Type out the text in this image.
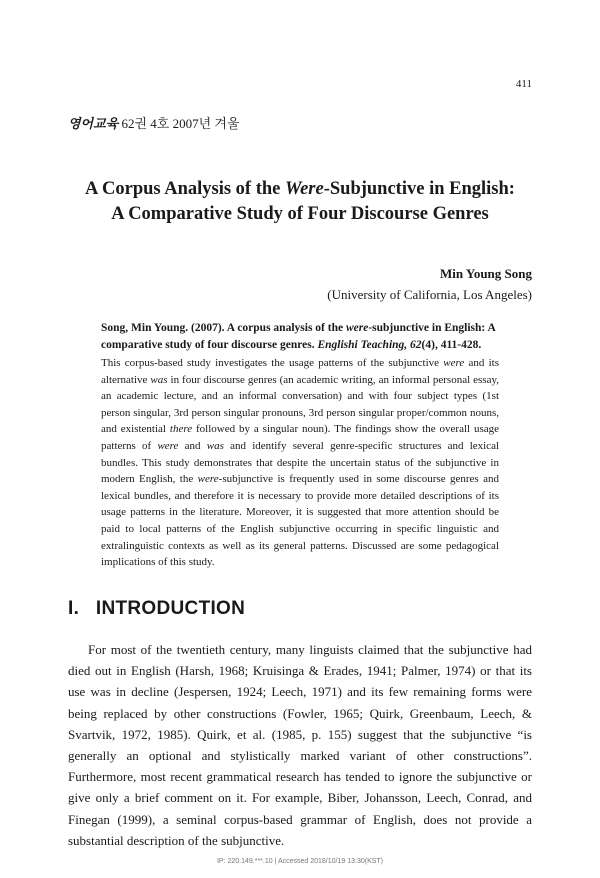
411
영어교육 62권 4호 2007년 겨울
A Corpus Analysis of the Were-Subjunctive in English:
A Comparative Study of Four Discourse Genres
Min Young Song
(University of California, Los Angeles)
Song, Min Young. (2007). A corpus analysis of the were-subjunctive in English: A comparative study of four discourse genres. Englishi Teaching, 62(4), 411-428.

This corpus-based study investigates the usage patterns of the subjunctive were and its alternative was in four discourse genres (an academic writing, an informal personal essay, an academic lecture, and an informal conversation) and with four subject types (1st person singular, 3rd person singular pronouns, 3rd person singular proper/common nouns, and existential there followed by a singular noun). The findings show the overall usage patterns of were and was and identify several genre-specific structures and lexical bundles. This study demonstrates that despite the uncertain status of the subjunctive in modern English, the were-subjunctive is frequently used in some discourse genres and lexical bundles, and therefore it is necessary to provide more detailed descriptions of its usage patterns in the literature. Moreover, it is suggested that more attention should be paid to local patterns of the English subjunctive occurring in specific linguistic and extralinguistic contexts as well as its general patterns. Discussed are some pedagogical implications of this study.

I.   INTRODUCTION

For most of the twentieth century, many linguists claimed that the subjunctive had died out in English (Harsh, 1968; Kruisinga & Erades, 1941; Palmer, 1974) or that its use was in decline (Jespersen, 1924; Leech, 1971) and its few remaining forms were being replaced by other constructions (Fowler, 1965; Quirk, Greenbaum, Leech, & Svartvik, 1972, 1985). Quirk, et al. (1985, p. 155) suggest that the subjunctive “is generally an optional and stylistically marked variant of other constructions”. Furthermore, most recent grammatical research has tended to ignore the subjunctive or give only a brief comment on it. For example, Biber, Johansson, Leech, Conrad, and Finegan (1999), a seminal corpus-based grammar of English, does not provide a substantial description of the subjunctive.

IP: 220.149.***.10 | Accessed 2018/10/19 13:30(KST)
